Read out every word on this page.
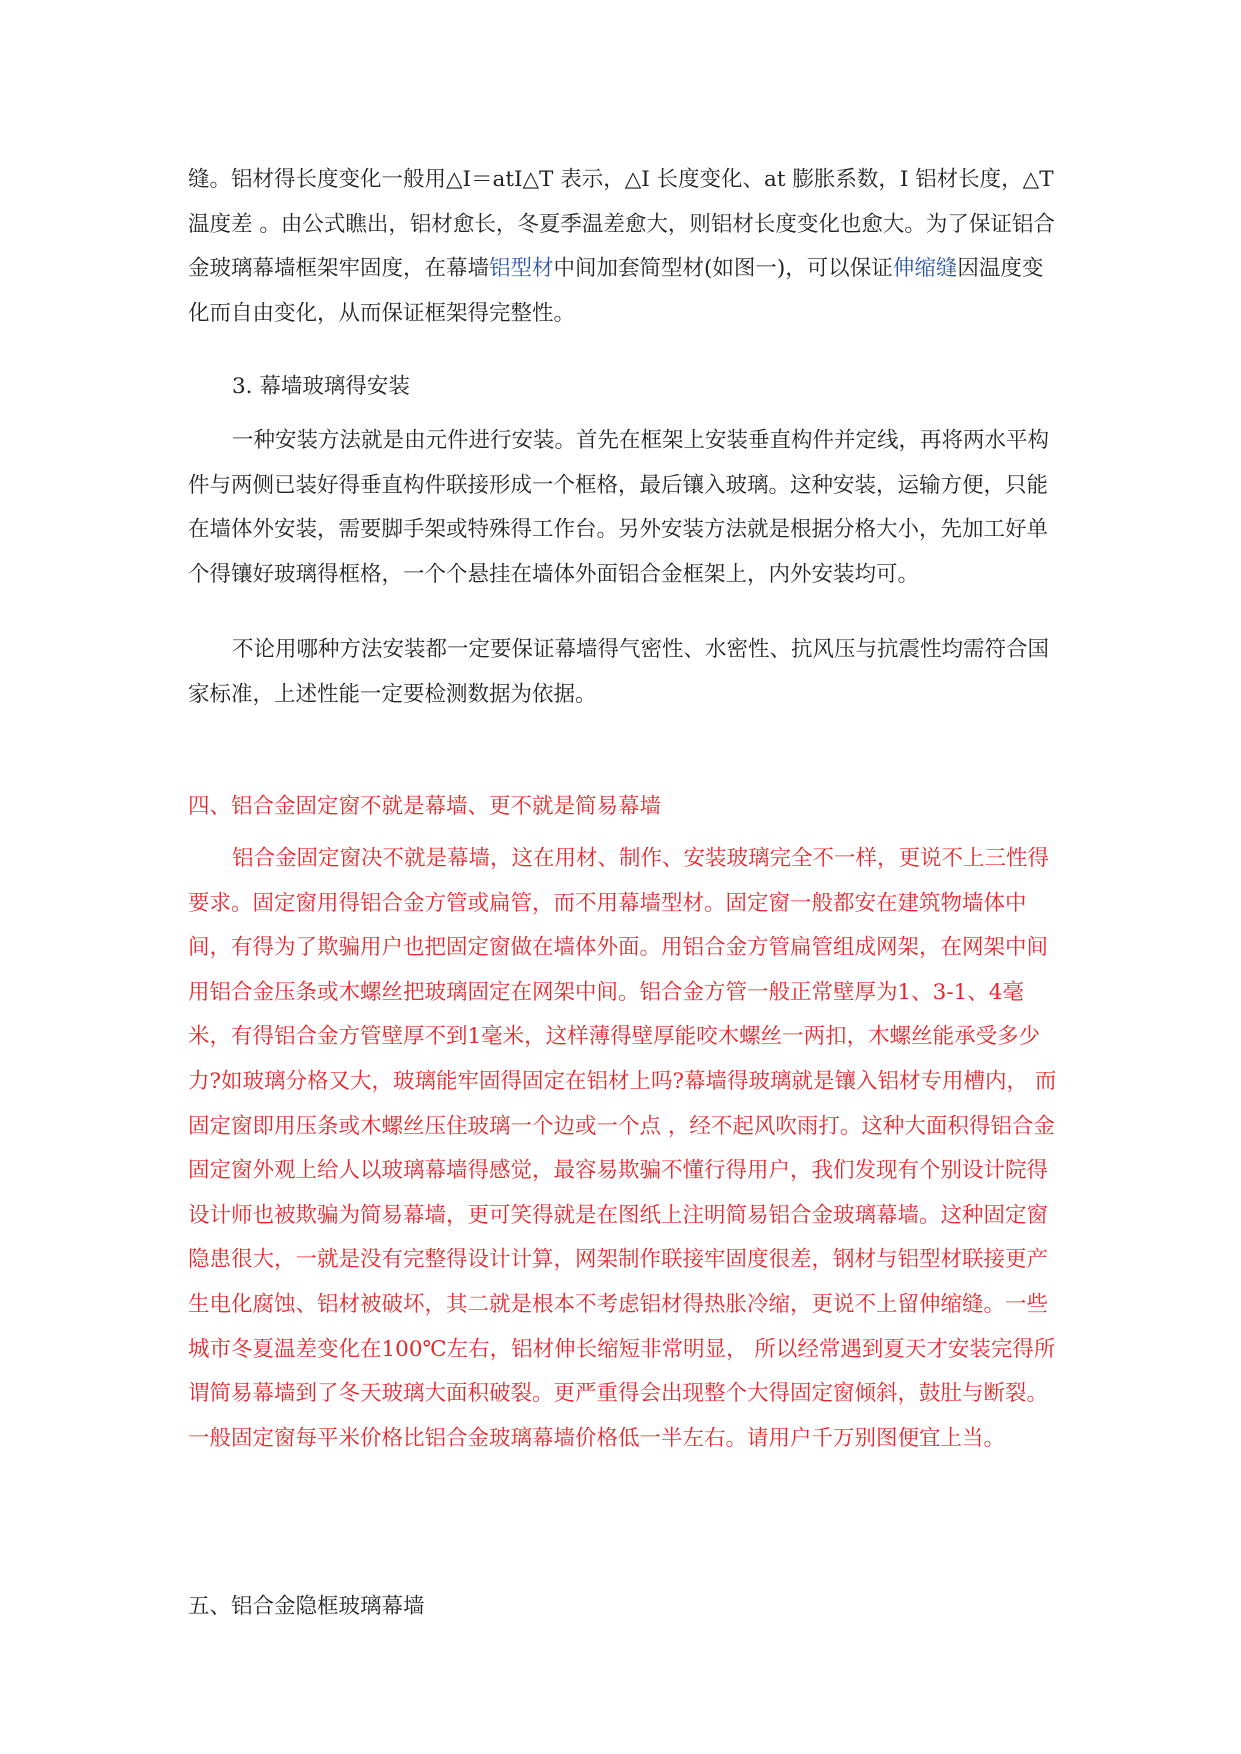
缝。铝材得长度变化一般用△I＝atI△T 表示，△I 长度变化、at 膨胀系数，I 铝材长度，△T 温度差 。由公式瞧出，铝材愈长，冬夏季温差愈大，则铝材长度变化也愈大。为了保证铝合金玻璃幕墙框架牢固度，在幕墙铝型材中间加套简型材(如图一)，可以保证伸缩缝因温度变化而自由变化，从而保证框架得完整性。
3. 幕墙玻璃得安装
一种安装方法就是由元件进行安装。首先在框架上安装垂直构件并定线，再将两水平构件与两侧已装好得垂直构件联接形成一个框格，最后镶入玻璃。这种安装，运输方便，只能在墙体外安装，需要脚手架或特殊得工作台。另外安装方法就是根据分格大小，先加工好单个得镶好玻璃得框格，一个个悬挂在墙体外面铝合金框架上，内外安装均可。
不论用哪种方法安装都一定要保证幕墙得气密性、水密性、抗风压与抗震性均需符合国家标准，上述性能一定要检测数据为依据。
四、铝合金固定窗不就是幕墙、更不就是简易幕墙
铝合金固定窗决不就是幕墙，这在用材、制作、安装玻璃完全不一样，更说不上三性得要求。固定窗用得铝合金方管或扁管，而不用幕墙型材。固定窗一般都安在建筑物墙体中间，有得为了欺骗用户也把固定窗做在墙体外面。用铝合金方管扁管组成网架，在网架中间用铝合金压条或木螺丝把玻璃固定在网架中间。铝合金方管一般正常壁厚为1、3-1、4毫米，有得铝合金方管壁厚不到1毫米，这样薄得壁厚能咬木螺丝一两扣，木螺丝能承受多少力?如玻璃分格又大，玻璃能牢固得固定在铝材上吗?幕墙得玻璃就是镶入铝材专用槽内， 而固定窗即用压条或木螺丝压住玻璃一个边或一个点 ，经不起风吹雨打。这种大面积得铝合金固定窗外观上给人以玻璃幕墙得感觉，最容易欺骗不懂行得用户，我们发现有个别设计院得设计师也被欺骗为简易幕墙，更可笑得就是在图纸上注明简易铝合金玻璃幕墙。这种固定窗隐患很大，一就是没有完整得设计计算，网架制作联接牢固度很差，钢材与铝型材联接更产生电化腐蚀、铝材被破坏，其二就是根本不考虑铝材得热胀冷缩，更说不上留伸缩缝。一些城市冬夏温差变化在100℃左右，铝材伸长缩短非常明显， 所以经常遇到夏天才安装完得所谓简易幕墙到了冬天玻璃大面积破裂。更严重得会出现整个大得固定窗倾斜，鼓肚与断裂。一般固定窗每平米价格比铝合金玻璃幕墙价格低一半左右。请用户千万别图便宜上当。
五、铝合金隐框玻璃幕墙
